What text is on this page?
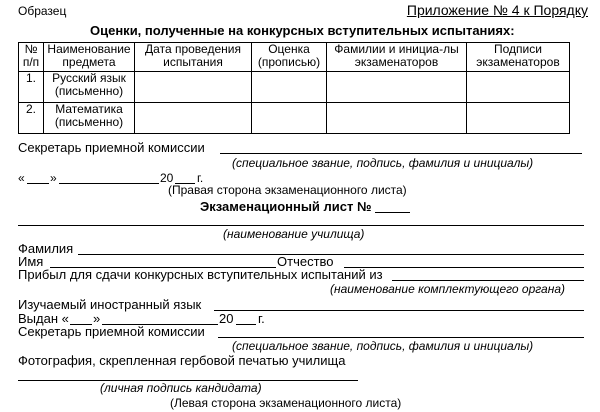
Образец	Приложение № 4 к Порядку
Оценки, полученные на конкурсных вступительных испытаниях:
№ п/п	Наименование предмета	Дата проведения испытания	Оценка (прописью)	Фамилии и инициа-лы экзаменаторов	Подписи экзаменаторов
1.	Русский язык (письменно)				
2.	Математика (письменно)				
Секретарь приемной комиссии
(специальное звание, подпись, фамилия и инициалы)
« »	20 г.
(Правая сторона экзаменационного листа)
Экзаменационный лист №
(наименование училища)
Фамилия
Имя	Отчество
Прибыл для сдачи конкурсных вступительных испытаний из
(наименование комплектующего органа)
Изучаемый иностранный язык
Выдан « »	20 г.
Секретарь приемной комиссии
(специальное звание, подпись, фамилия и инициалы)
Фотография, скрепленная гербовой печатью училища
(личная подпись кандидата)
(Левая сторона экзаменационного листа)
